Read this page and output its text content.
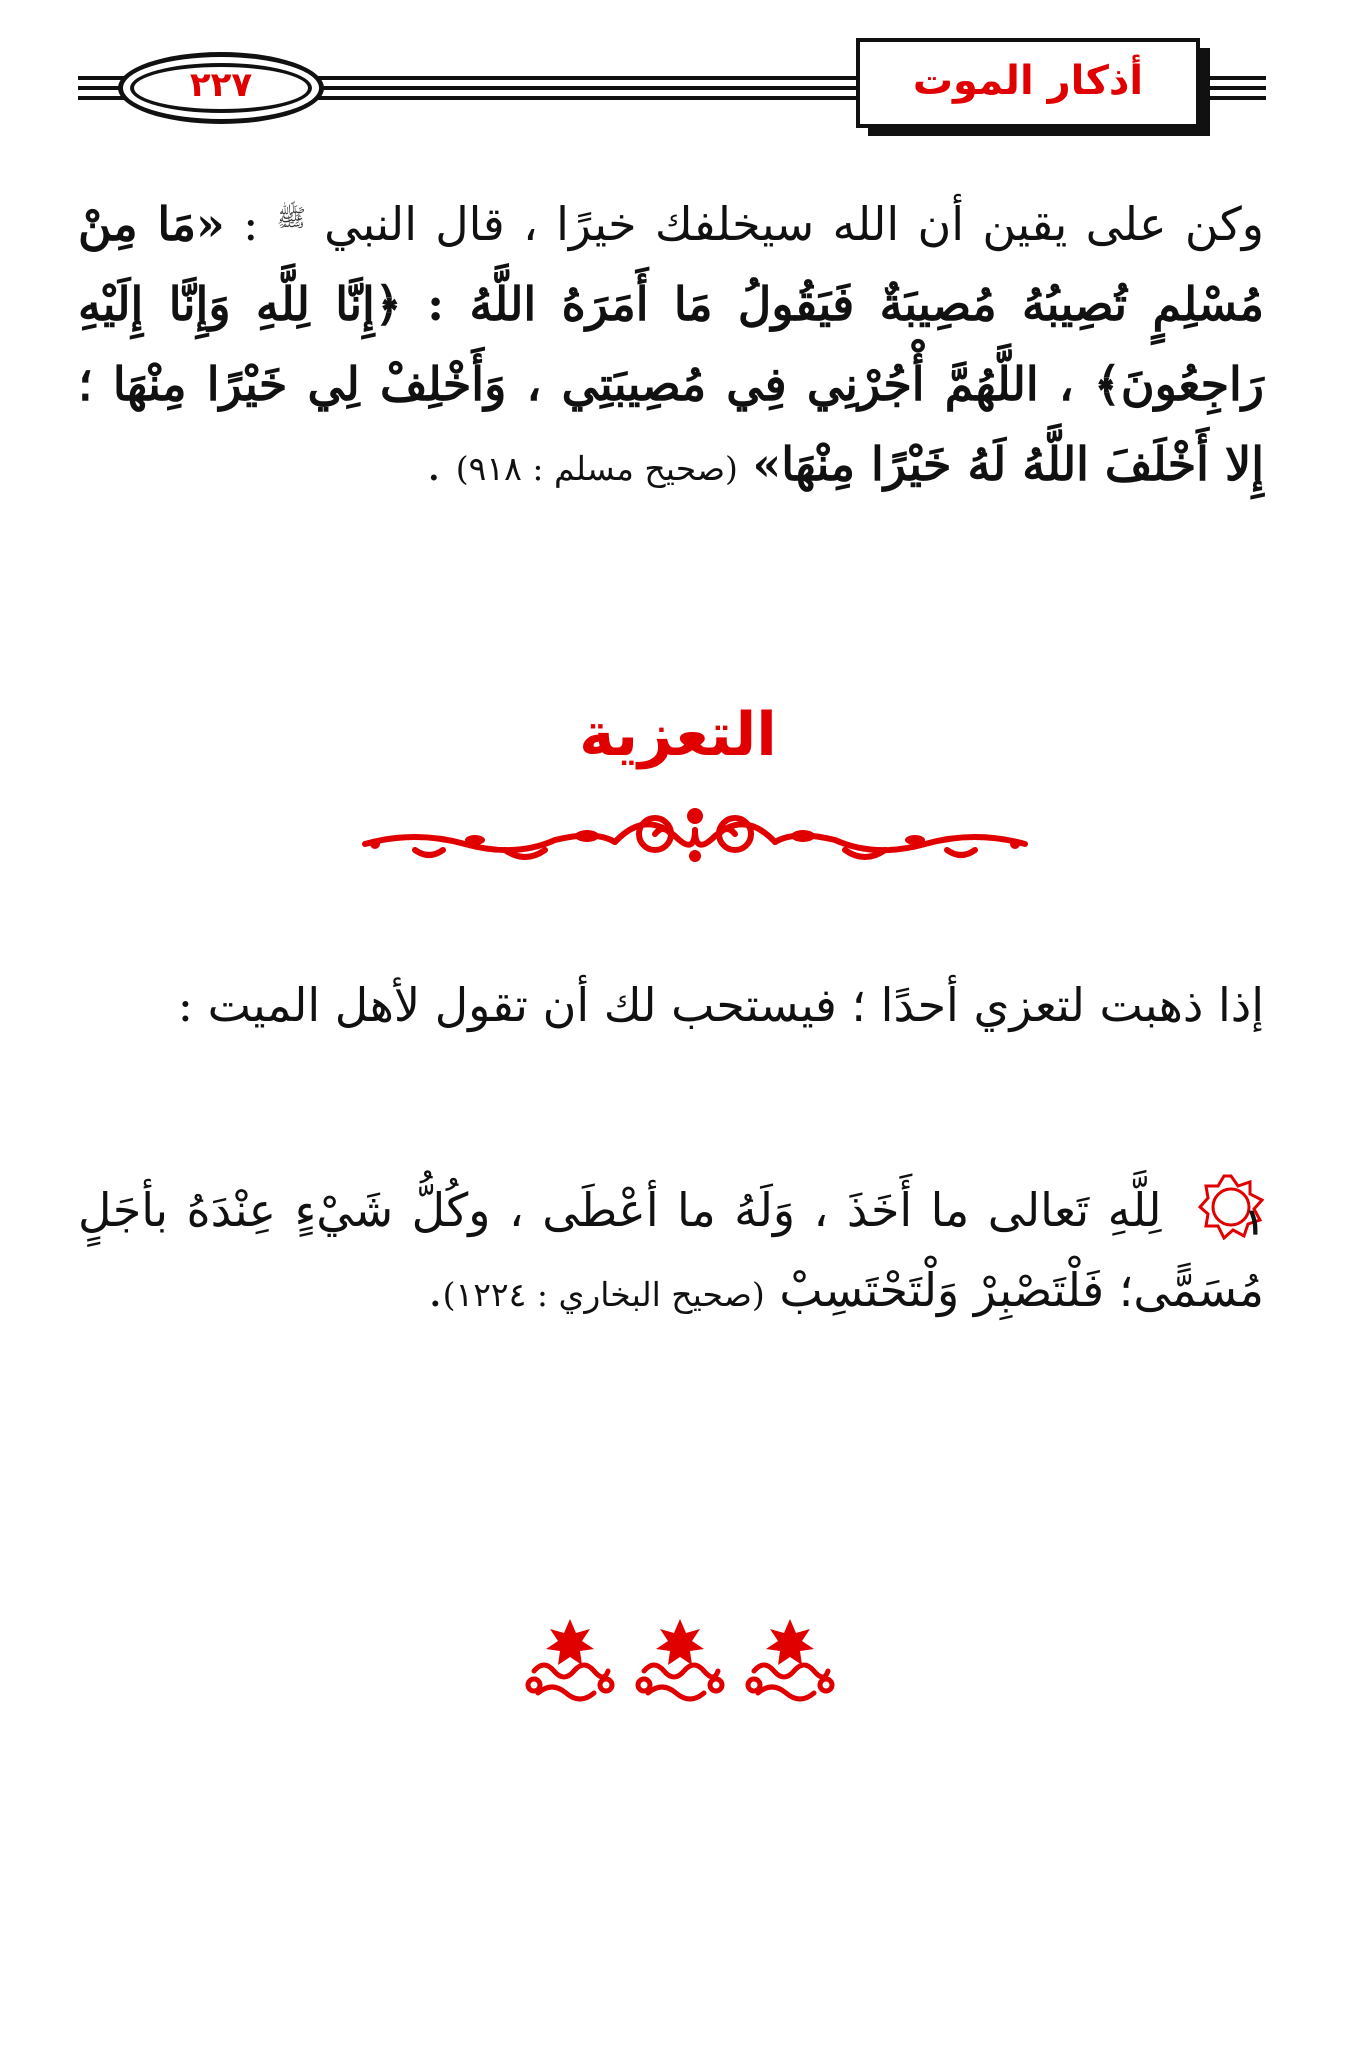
٢٢٧	أذكار الموت
وكن على يقين أن الله سيخلفك خيرًا ، قال النبي $^ﷺ$ : «مَا مِنْ مُسْلِمٍ تُصِيبُهُ مُصِيبَةٌ فَيَقُولُ مَا أَمَرَهُ اللَّهُ : ﴿إِنَّا لِلَّهِ وَإِنَّا إِلَيْهِ رَاجِعُونَ﴾ ، اللَّهُمَّ أْجُرْنِي فِي مُصِيبَتِي ، وَأَخْلِفْ لِي خَيْرًا مِنْهَا ؛ إِلا أَخْلَفَ اللَّهُ لَهُ خَيْرًا مِنْهَا» (صحيح مسلم : ٩١٨) .
التعزية
إذا ذهبت لتعزي أحدًا ؛ فيستحب لك أن تقول لأهل الميت :
١
لِلَّهِ تَعالى ما أَخَذَ ، وَلَهُ ما أعْطَى ، وكُلُّ شَيْءٍ عِنْدَهُ بأجَلٍ مُسَمًّى؛ فَلْتَصْبِرْ وَلْتَحْتَسِبْ (صحيح البخاري : ١٢٢٤).
